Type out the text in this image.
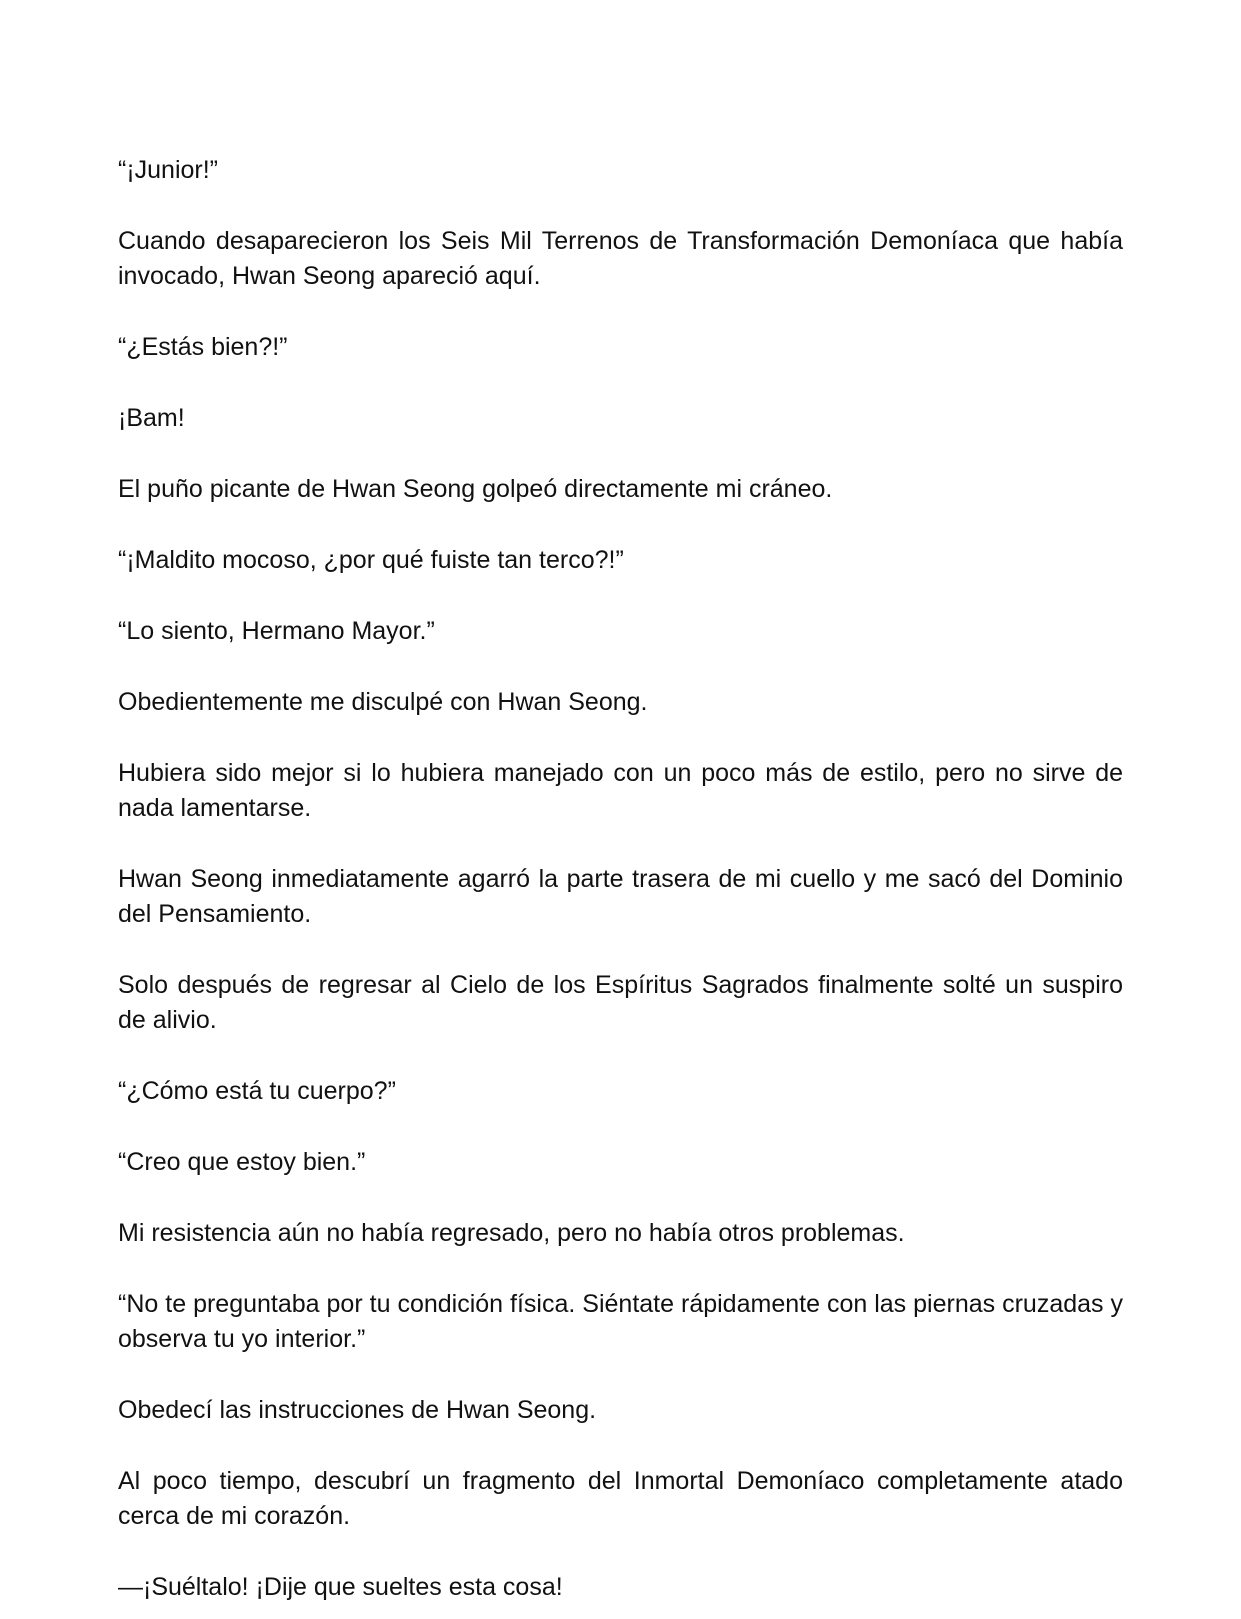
“¡Junior!”

Cuando desaparecieron los Seis Mil Terrenos de Transformación Demoníaca que había invocado, Hwan Seong apareció aquí.

“¿Estás bien?!”

¡Bam!

El puño picante de Hwan Seong golpeó directamente mi cráneo.

“¡Maldito mocoso, ¿por qué fuiste tan terco?!”

“Lo siento, Hermano Mayor.”

Obedientemente me disculpé con Hwan Seong.

Hubiera sido mejor si lo hubiera manejado con un poco más de estilo, pero no sirve de nada lamentarse.

Hwan Seong inmediatamente agarró la parte trasera de mi cuello y me sacó del Dominio del Pensamiento.

Solo después de regresar al Cielo de los Espíritus Sagrados finalmente solté un suspiro de alivio.

“¿Cómo está tu cuerpo?”

“Creo que estoy bien.”

Mi resistencia aún no había regresado, pero no había otros problemas.

“No te preguntaba por tu condición física. Siéntate rápidamente con las piernas cruzadas y observa tu yo interior.”

Obedecí las instrucciones de Hwan Seong.

Al poco tiempo, descubrí un fragmento del Inmortal Demoníaco completamente atado cerca de mi corazón.

—¡Suéltalo! ¡Dije que sueltes esta cosa!
